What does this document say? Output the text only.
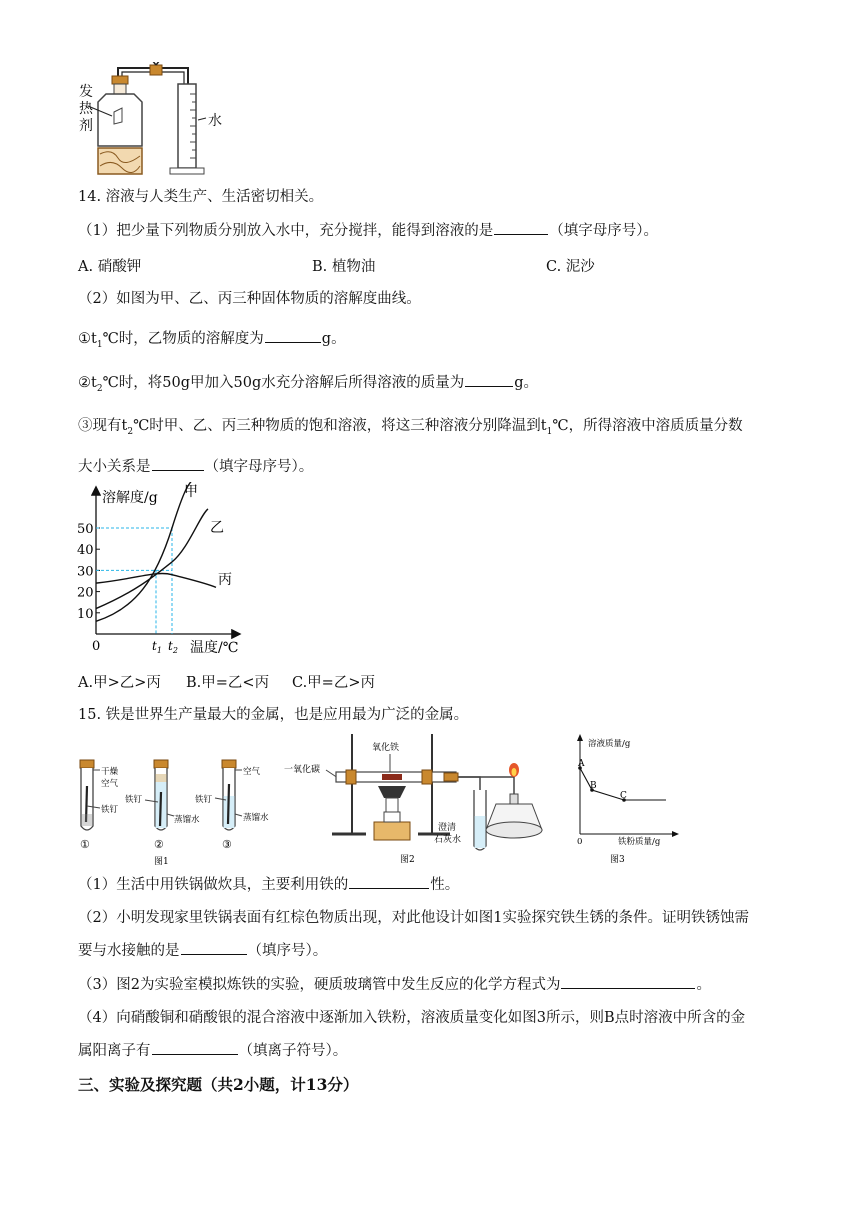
发
热
剂	水
14. 溶液与人类生产、生活密切相关。
（1）把少量下列物质分别放入水中，充分搅拌，能得到溶液的是	（填字母序号）。
A. 硝酸钾	B. 植物油	C. 泥沙
（2）如图为甲、乙、丙三种固体物质的溶解度曲线。
$①t_1℃$时，乙物质的溶解度为	g。
$②t_2℃$时，将50g甲加入50g水充分溶解后所得溶液的质量为	g。
③现有$t_2℃$时甲、乙、丙三种物质的饱和溶液，将这三种溶液分别降温到$t_1℃$，所得溶液中溶质质量分数
大小关系是	（填字母序号）。
10
20
30
40
50
$t_1$ $t_2$
溶解度/g
温度/℃
0
甲
乙
丙
A.甲>乙>丙 B.甲=乙<丙 C.甲=乙>丙
15. 铁是世界生产量最大的金属，也是应用最为广泛的金属。
干燥
空气
铁钉
①
铁钉
蒸馏水
②
空气
铁钉
蒸馏水
③
图1
一氧化碳
氧化铁
澄清
石灰水
图2
溶液质量/g
铁粉质量/g
0
A
B
C
图3
（1）生活中用铁锅做炊具，主要利用铁的	性。
（2）小明发现家里铁锅表面有红棕色物质出现，对此他设计如图1实验探究铁生锈的条件。证明铁锈蚀需
要与水接触的是	（填序号）。
（3）图2为实验室模拟炼铁的实验，硬质玻璃管中发生反应的化学方程式为	。
（4）向硝酸铜和硝酸银的混合溶液中逐渐加入铁粉，溶液质量变化如图3所示，则B点时溶液中所含的金
属阳离子有	（填离子符号）。
三、实验及探究题（共2小题，计13分）
